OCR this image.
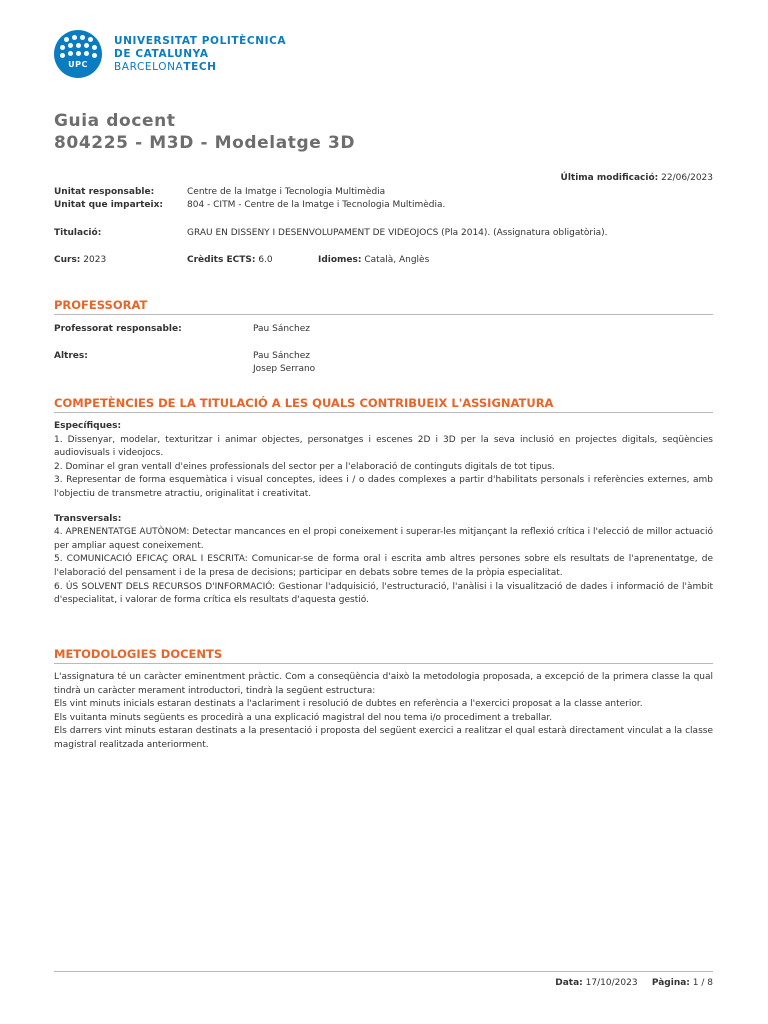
UPC
UNIVERSITAT POLITÈCNICA
DE CATALUNYA
BARCELONATECH
Guia docent
804225 - M3D - Modelatge 3D
Última modificació: 22/06/2023
Unitat responsable:	Centre de la Imatge i Tecnologia Multimèdia
Unitat que imparteix:	804 - CITM - Centre de la Imatge i Tecnologia Multimèdia.
Titulació:	GRAU EN DISSENY I DESENVOLUPAMENT DE VIDEOJOCS (Pla 2014). (Assignatura obligatòria).
Curs: 2023	Crèdits ECTS: 6.0	Idiomes: Català, Anglès
PROFESSORAT
Professorat responsable:	Pau Sánchez
Altres:	Pau Sánchez
Josep Serrano
COMPETÈNCIES DE LA TITULACIÓ A LES QUALS CONTRIBUEIX L'ASSIGNATURA
Específiques:
1. Dissenyar, modelar, texturitzar i animar objectes, personatges i escenes 2D i 3D per la seva inclusió en projectes digitals, seqüències audiovisuals i videojocs.
2. Dominar el gran ventall d'eines professionals del sector per a l'elaboració de continguts digitals de tot tipus.
3. Representar de forma esquemàtica i visual conceptes, idees i / o dades complexes a partir d'habilitats personals i referències externes, amb l'objectiu de transmetre atractiu, originalitat i creativitat.
Transversals:
4. APRENENTATGE AUTÒNOM: Detectar mancances en el propi coneixement i superar-les mitjançant la reflexió crítica i l'elecció de millor actuació per ampliar aquest coneixement.
5. COMUNICACIÓ EFICAÇ ORAL I ESCRITA: Comunicar-se de forma oral i escrita amb altres persones sobre els resultats de l'aprenentatge, de l'elaboració del pensament i de la presa de decisions; participar en debats sobre temes de la pròpia especialitat.
6. ÚS SOLVENT DELS RECURSOS D'INFORMACIÓ: Gestionar l'adquisició, l'estructuració, l'anàlisi i la visualització de dades i informació de l'àmbit d'especialitat, i valorar de forma crítica els resultats d'aquesta gestió.
METODOLOGIES DOCENTS
L'assignatura té un caràcter eminentment pràctic. Com a conseqüència d'això la metodologia proposada, a excepció de la primera classe la qual tindrà un caràcter merament introductori, tindrà la següent estructura:
Els vint minuts inicials estaran destinats a l'aclariment i resolució de dubtes en referència a l'exercici proposat a la classe anterior.
Els vuitanta minuts següents es procedirà a una explicació magistral del nou tema i/o procediment a treballar.
Els darrers vint minuts estaran destinats a la presentació i proposta del següent exercici a realitzar el qual estarà directament vinculat a la classe magistral realitzada anteriorment.
Data: 17/10/2023 Pàgina: 1 / 8
